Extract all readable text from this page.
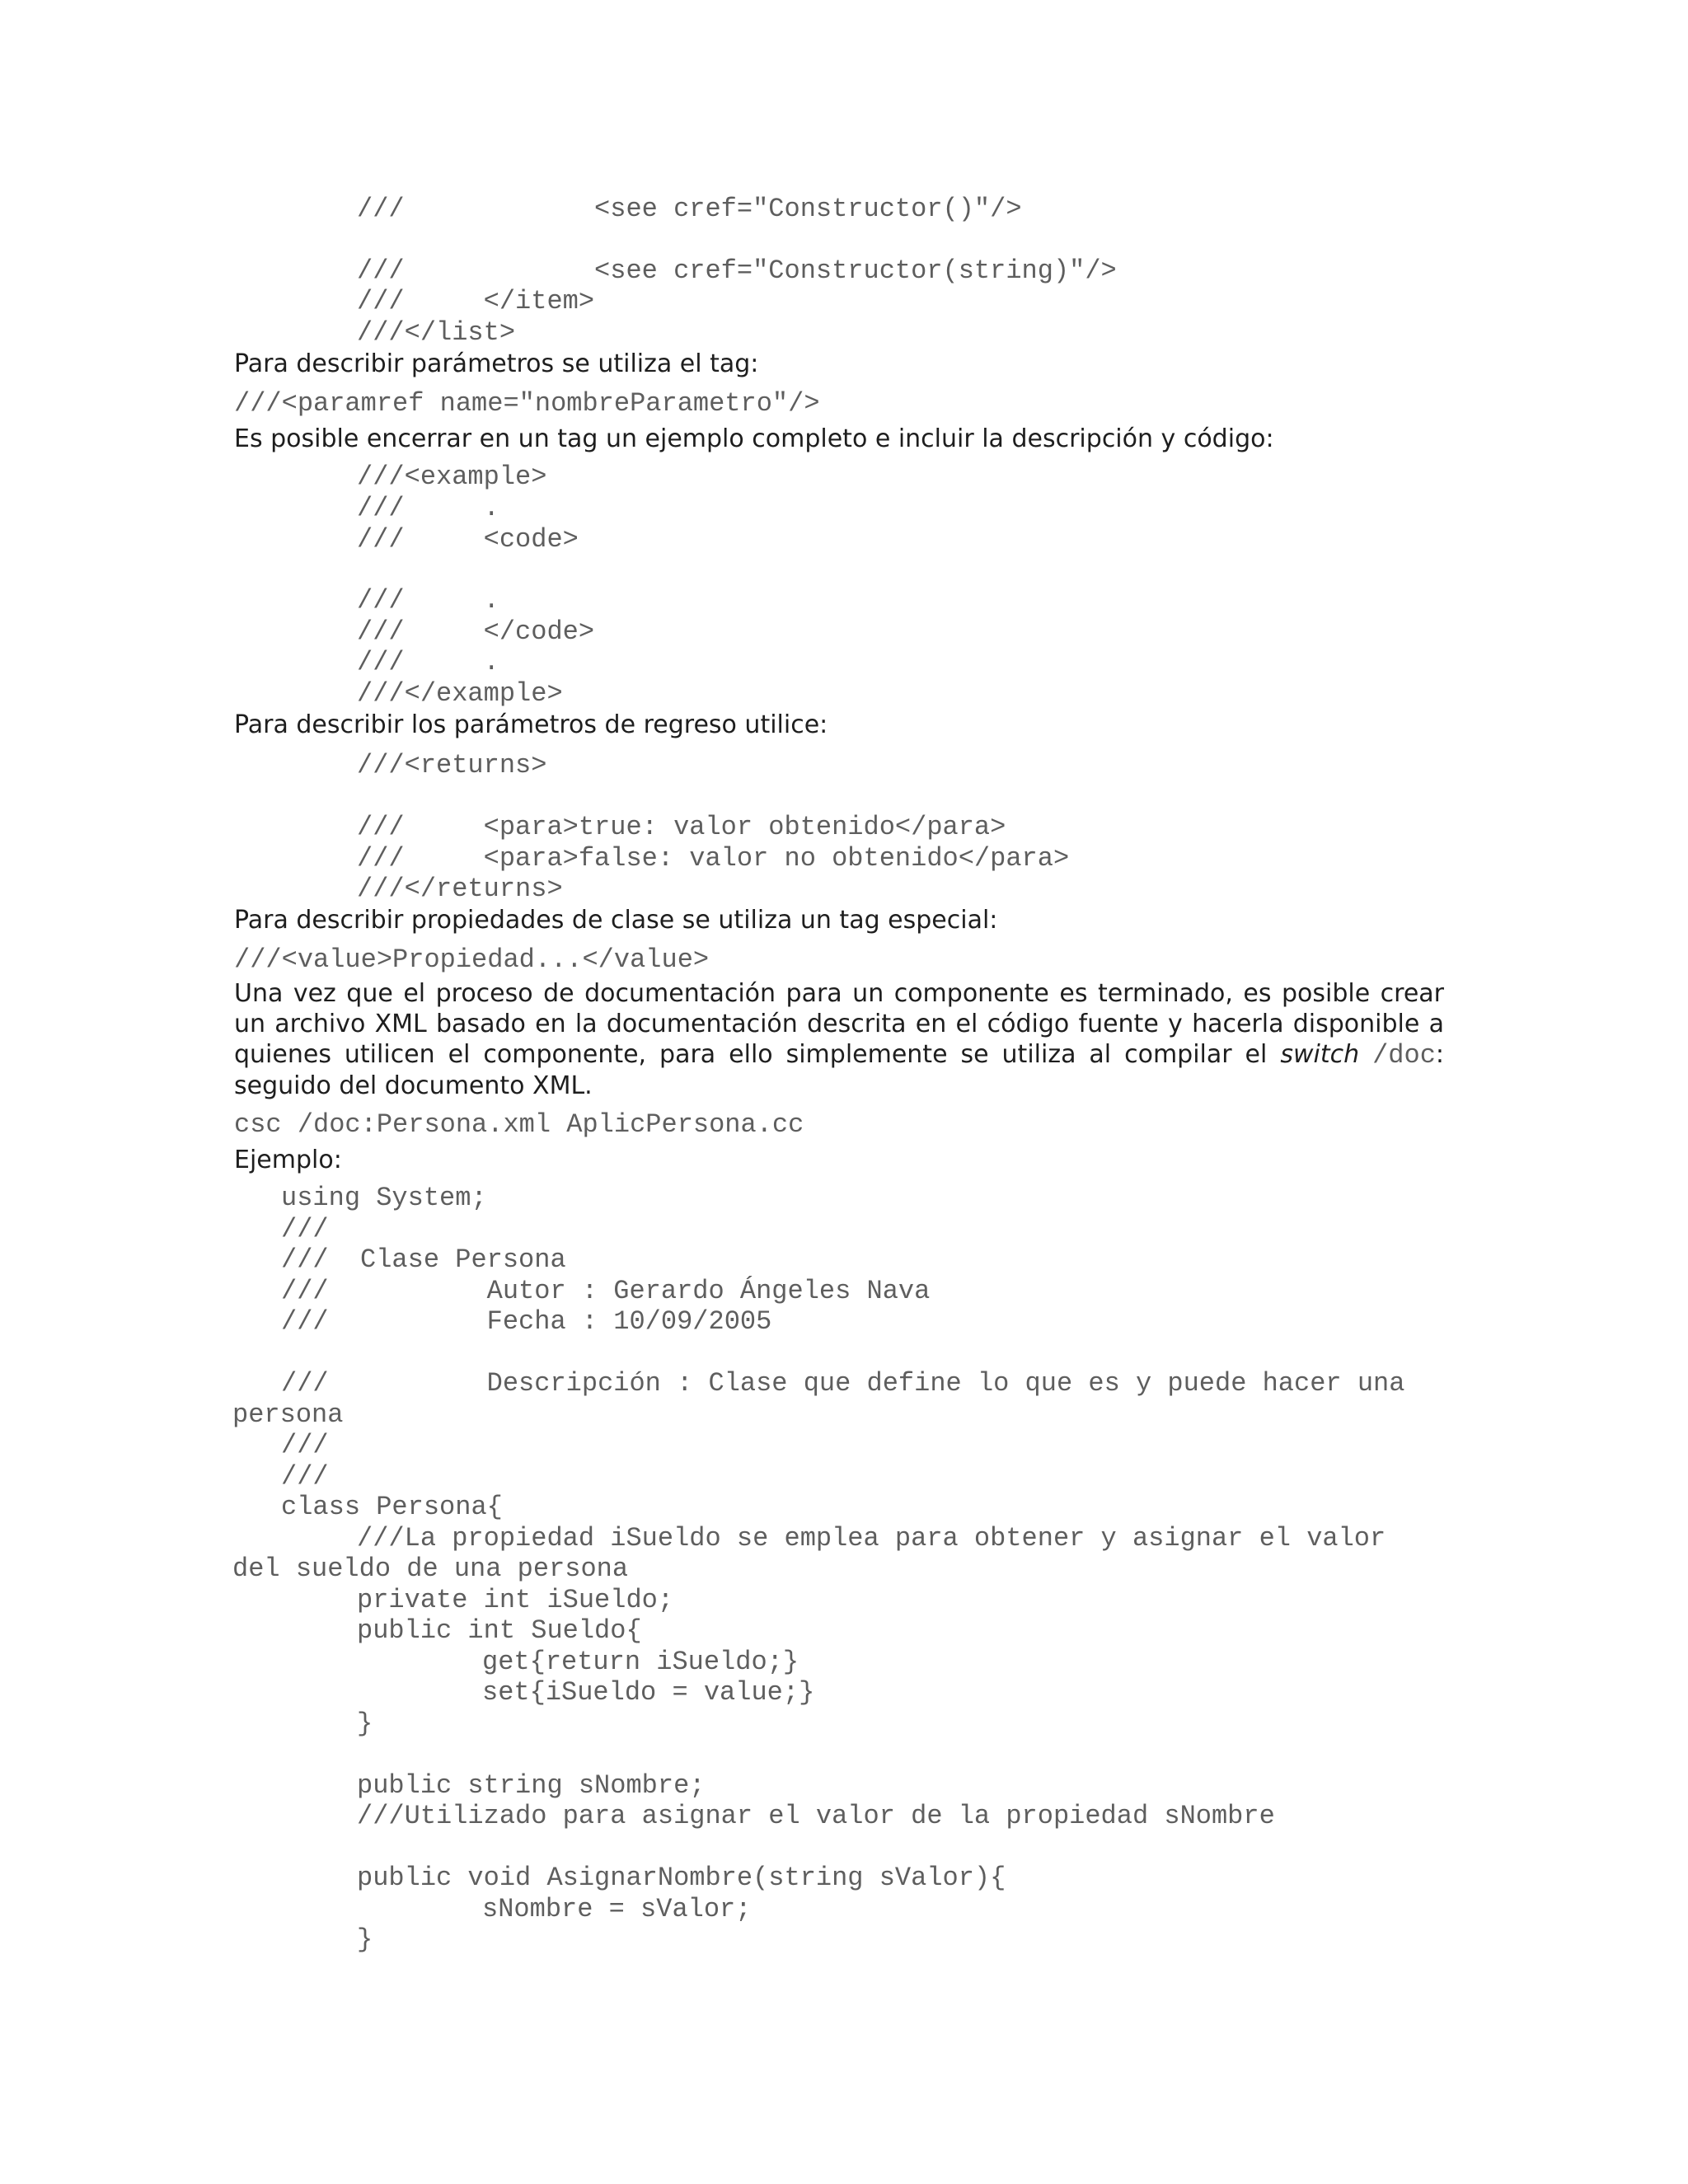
///            <see cref="Constructor()"/>
///            <see cref="Constructor(string)"/>
///     </item>
///</list>
Para describir parámetros se utiliza el tag:
///<paramref name="nombreParametro"/>
Es posible encerrar en un tag un ejemplo completo e incluir la descripción y código:
///<example>
///     .
///     <code>
///     .
///     </code>
///     .
///</example>
Para describir los parámetros de regreso utilice:
///<returns>
///     <para>true: valor obtenido</para>
///     <para>false: valor no obtenido</para>
///</returns>
Para describir propiedades de clase se utiliza un tag especial:
///<value>Propiedad...</value>

Una vez que el proceso de documentación para un componente es terminado, es posible crear un archivo XML basado en la documentación descrita en el código fuente y hacerla disponible a quienes utilicen el componente, para ello simplemente se utiliza al compilar el switch /doc: seguido del documento XML.

csc /doc:Persona.xml AplicPersona.cc
Ejemplo:
using System;
///
///  Clase Persona
///          Autor : Gerardo Ángeles Nava
///          Fecha : 10/09/2005
///          Descripción : Clase que define lo que es y puede hacer una
persona
///
///
class Persona{
///La propiedad iSueldo se emplea para obtener y asignar el valor
del sueldo de una persona
private int iSueldo;
public int Sueldo{
get{return iSueldo;}
set{iSueldo = value;}
}
public string sNombre;
///Utilizado para asignar el valor de la propiedad sNombre
public void AsignarNombre(string sValor){
sNombre = sValor;
}
